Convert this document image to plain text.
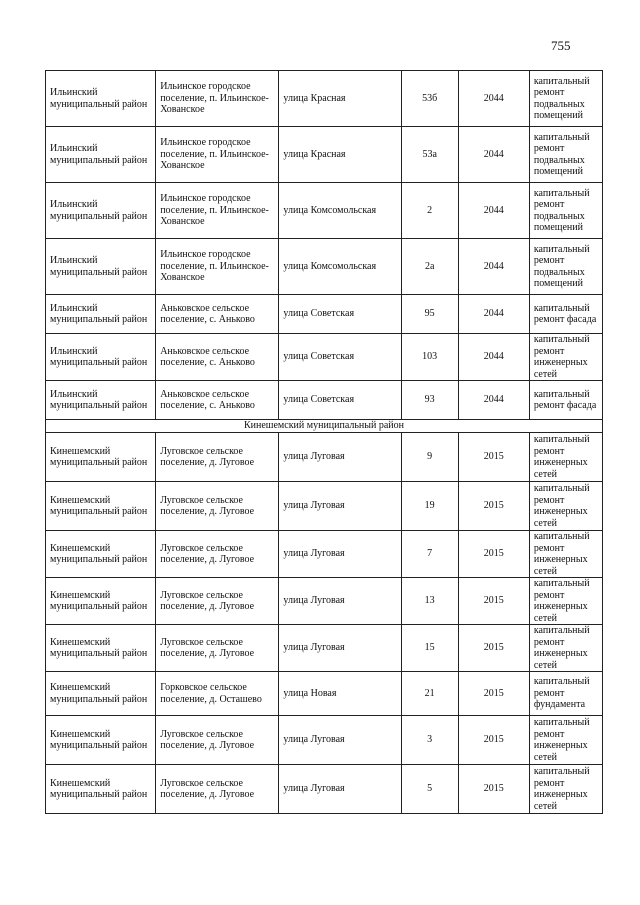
755
Ильинский муниципальный район	Ильинское городское поселение, п. Ильинское-Хованское	улица Красная	53б	2044	капитальный ремонт подвальных помещений
Ильинский муниципальный район	Ильинское городское поселение, п. Ильинское-Хованское	улица Красная	53а	2044	капитальный ремонт подвальных помещений
Ильинский муниципальный район	Ильинское городское поселение, п. Ильинское-Хованское	улица Комсомольская	2	2044	капитальный ремонт подвальных помещений
Ильинский муниципальный район	Ильинское городское поселение, п. Ильинское-Хованское	улица Комсомольская	2а	2044	капитальный ремонт подвальных помещений
Ильинский муниципальный район	Аньковское сельское поселение, с. Аньково	улица Советская	95	2044	капитальный ремонт фасада
Ильинский муниципальный район	Аньковское сельское поселение, с. Аньково	улица Советская	103	2044	капитальный ремонт инженерных сетей
Ильинский муниципальный район	Аньковское сельское поселение, с. Аньково	улица Советская	93	2044	капитальный ремонт фасада
Кинешемский муниципальный район					
Кинешемский муниципальный район	Луговское сельское поселение, д. Луговое	улица Луговая	9	2015	капитальный ремонт инженерных сетей
Кинешемский муниципальный район	Луговское сельское поселение, д. Луговое	улица Луговая	19	2015	капитальный ремонт инженерных сетей
Кинешемский муниципальный район	Луговское сельское поселение, д. Луговое	улица Луговая	7	2015	капитальный ремонт инженерных сетей
Кинешемский муниципальный район	Луговское сельское поселение, д. Луговое	улица Луговая	13	2015	капитальный ремонт инженерных сетей
Кинешемский муниципальный район	Луговское сельское поселение, д. Луговое	улица Луговая	15	2015	капитальный ремонт инженерных сетей
Кинешемский муниципальный район	Горковское сельское поселение, д. Осташево	улица Новая	21	2015	капитальный ремонт фундамента
Кинешемский муниципальный район	Луговское сельское поселение, д. Луговое	улица Луговая	3	2015	капитальный ремонт инженерных сетей
Кинешемский муниципальный район	Луговское сельское поселение, д. Луговое	улица Луговая	5	2015	капитальный ремонт инженерных сетей
